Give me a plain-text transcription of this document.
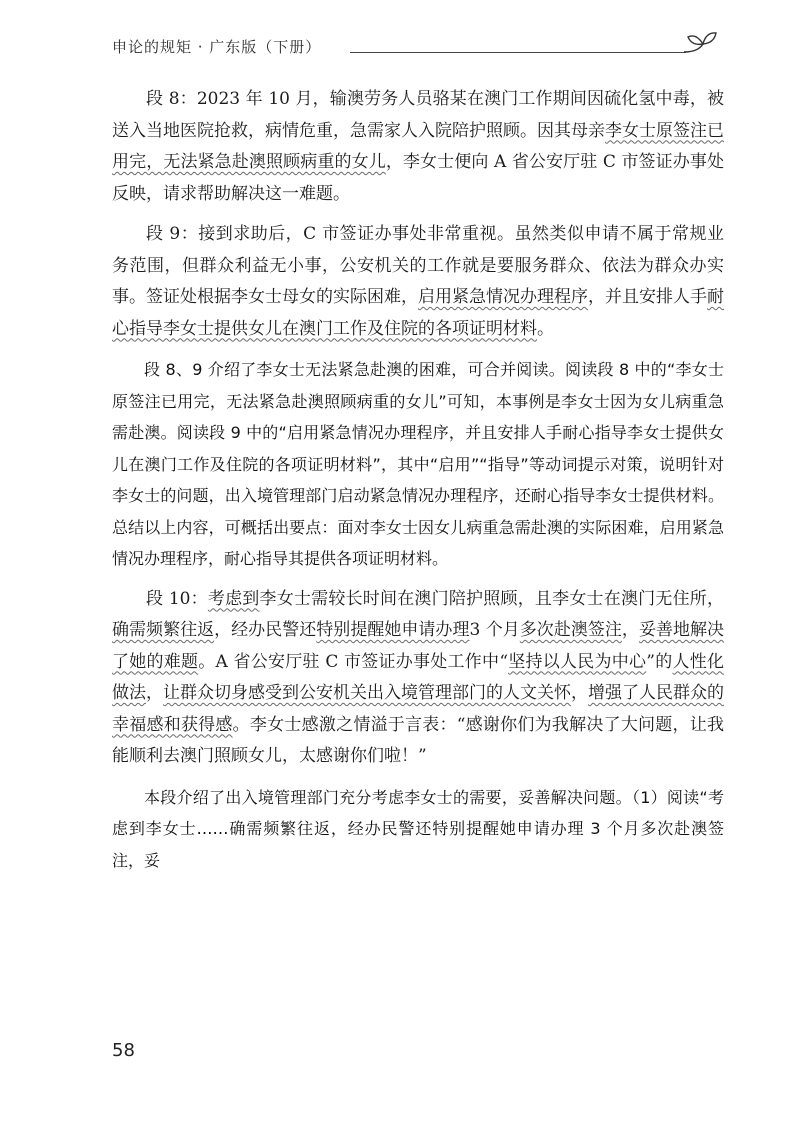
申论的规矩 · 广东版（下册）

段 8：2023 年 10 月，输澳劳务人员骆某在澳门工作期间因硫化氢中毒，被送入当地医院抢救，病情危重，急需家人入院陪护照顾。因其母亲李女士原签注已用完，无法紧急赴澳照顾病重的女儿，李女士便向 A 省公安厅驻 C 市签证办事处反映，请求帮助解决这一难题。

段 9：接到求助后，C 市签证办事处非常重视。虽然类似申请不属于常规业务范围，但群众利益无小事，公安机关的工作就是要服务群众、依法为群众办实事。签证处根据李女士母女的实际困难，启用紧急情况办理程序，并且安排人手耐心指导李女士提供女儿在澳门工作及住院的各项证明材料。

段 8、9 介绍了李女士无法紧急赴澳的困难，可合并阅读。阅读段 8 中的“李女士原签注已用完，无法紧急赴澳照顾病重的女儿”可知，本事例是李女士因为女儿病重急需赴澳。阅读段 9 中的“启用紧急情况办理程序，并且安排人手耐心指导李女士提供女儿在澳门工作及住院的各项证明材料”，其中“启用”“指导”等动词提示对策，说明针对李女士的问题，出入境管理部门启动紧急情况办理程序，还耐心指导李女士提供材料。总结以上内容，可概括出要点：面对李女士因女儿病重急需赴澳的实际困难，启用紧急情况办理程序，耐心指导其提供各项证明材料。

段 10：考虑到李女士需较长时间在澳门陪护照顾，且李女士在澳门无住所，确需频繁往返，经办民警还特别提醒她申请办理3 个月多次赴澳签注，妥善地解决了她的难题。A 省公安厅驻 C 市签证办事处工作中“坚持以人民为中心”的人性化做法，让群众切身感受到公安机关出入境管理部门的人文关怀，增强了人民群众的幸福感和获得感。李女士感激之情溢于言表：“感谢你们为我解决了大问题，让我能顺利去澳门照顾女儿，太感谢你们啦！”

本段介绍了出入境管理部门充分考虑李女士的需要，妥善解决问题。（1）阅读“考虑到李女士……确需频繁往返，经办民警还特别提醒她申请办理 3 个月多次赴澳签注，妥

58
